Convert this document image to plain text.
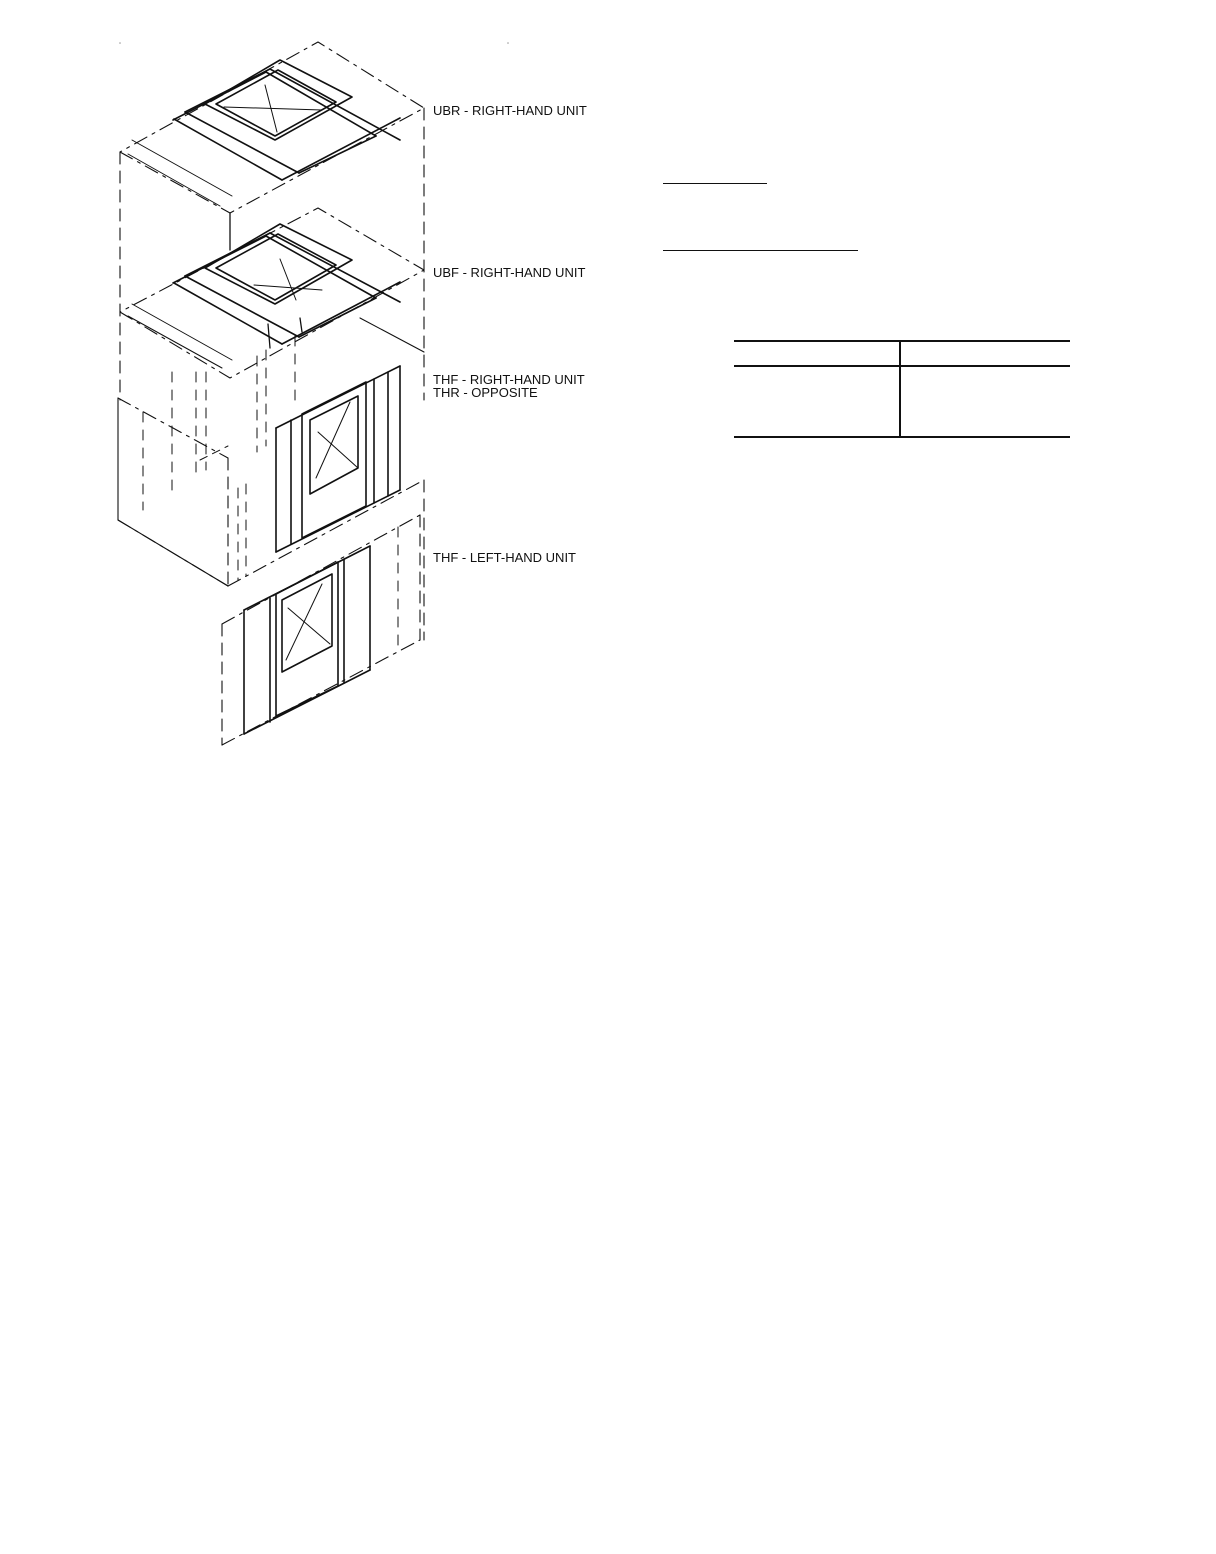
UBR - RIGHT-HAND UNIT
UBF - RIGHT-HAND UNIT
THF - RIGHT-HAND UNIT
THR - OPPOSITE
THF - LEFT-HAND UNIT
